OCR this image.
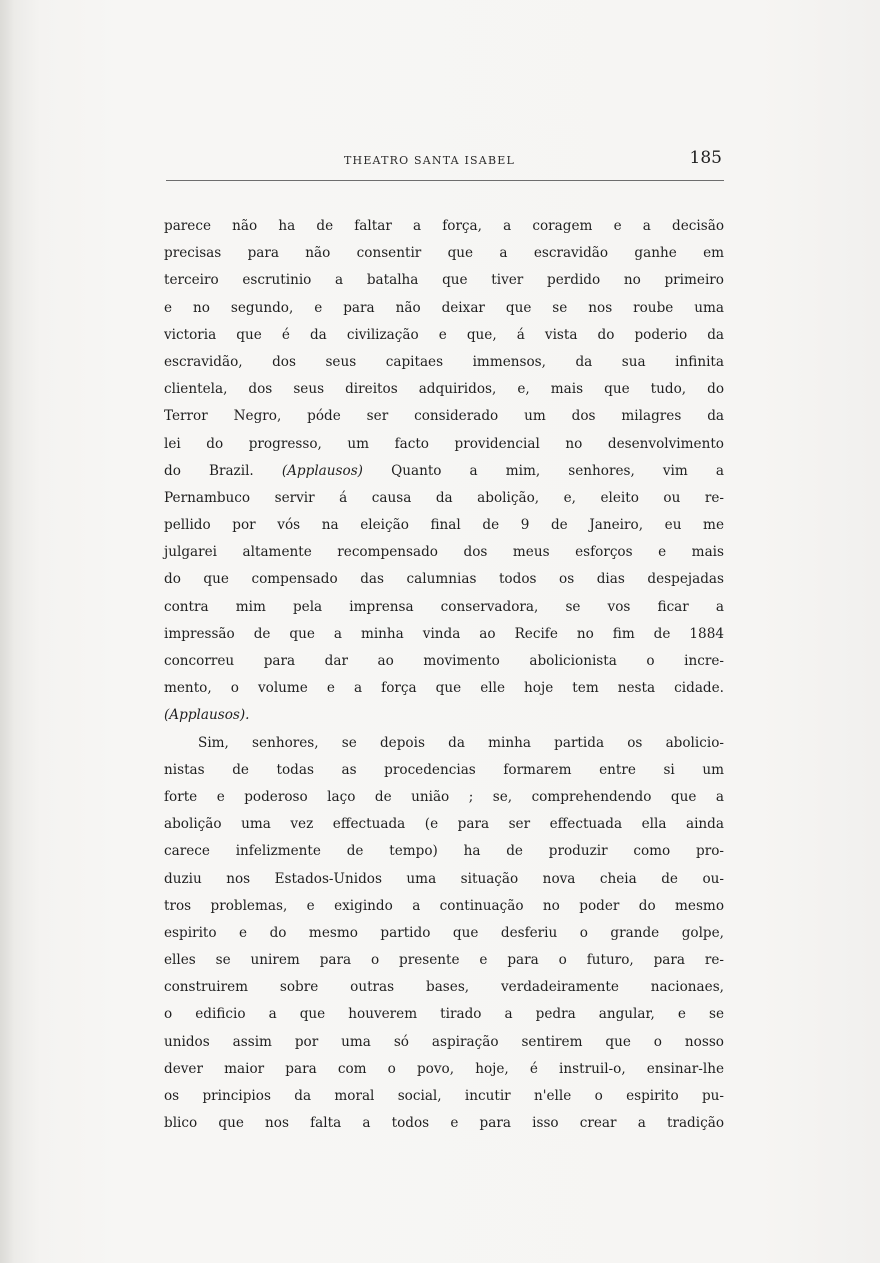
THEATRO SANTA ISABEL	185
parece não ha de faltar a força, a coragem e a decisão
precisas para não consentir que a escravidão ganhe em
terceiro escrutinio a batalha que tiver perdido no primeiro
e no segundo, e para não deixar que se nos roube uma
victoria que é da civilização e que, á vista do poderio da
escravidão, dos seus capitaes immensos, da sua infinita
clientela, dos seus direitos adquiridos, e, mais que tudo, do
Terror Negro, póde ser considerado um dos milagres da
lei do progresso, um facto providencial no desenvolvimento
do Brazil. (Applausos) Quanto a mim, senhores, vim a
Pernambuco servir á causa da abolição, e, eleito ou re-
pellido por vós na eleição final de 9 de Janeiro, eu me
julgarei altamente recompensado dos meus esforços e mais
do que compensado das calumnias todos os dias despejadas
contra mim pela imprensa conservadora, se vos ficar a
impressão de que a minha vinda ao Recife no fim de 1884
concorreu para dar ao movimento abolicionista o incre-
mento, o volume e a força que elle hoje tem nesta cidade.
(Applausos).
Sim, senhores, se depois da minha partida os abolicio-
nistas de todas as procedencias formarem entre si um
forte e poderoso laço de união ; se, comprehendendo que a
abolição uma vez effectuada (e para ser effectuada ella ainda
carece infelizmente de tempo) ha de produzir como pro-
duziu nos Estados-Unidos uma situação nova cheia de ou-
tros problemas, e exigindo a continuação no poder do mesmo
espirito e do mesmo partido que desferiu o grande golpe,
elles se unirem para o presente e para o futuro, para re-
construirem sobre outras bases, verdadeiramente nacionaes,
o edificio a que houverem tirado a pedra angular, e se
unidos assim por uma só aspiração sentirem que o nosso
dever maior para com o povo, hoje, é instruil-o, ensinar-lhe
os principios da moral social, incutir n'elle o espirito pu-
blico que nos falta a todos e para isso crear a tradição
